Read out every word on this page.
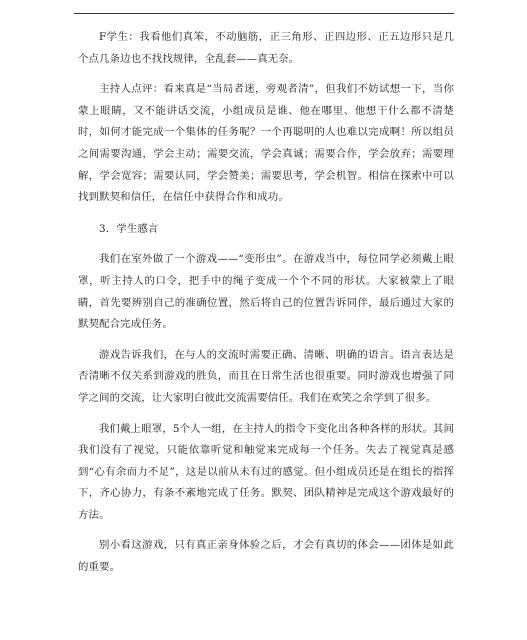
F学生：我看他们真笨，不动脑筋，正三角形、正四边形、正五边形只是几个点几条边也不找找规律，全乱套——真无奈。

主持人点评：看来真是“当局者迷，旁观者清”，但我们不妨试想一下，当你蒙上眼睛，又不能讲话交流，小组成员是谁、他在哪里、他想干什么都不清楚时，如何才能完成一个集体的任务呢？一个再聪明的人也难以完成啊！所以组员之间需要沟通，学会主动；需要交流，学会真诚；需要合作，学会放弃；需要理解，学会宽容；需要认同，学会赞美；需要思考，学会机智。相信在探索中可以找到默契和信任，在信任中获得合作和成功。

3．学生感言

我们在室外做了一个游戏——“变形虫”。在游戏当中，每位同学必须戴上眼罩，听主持人的口令，把手中的绳子变成一个个不同的形状。大家被蒙上了眼睛，首先要辨别自己的准确位置，然后将自己的位置告诉同伴，最后通过大家的默契配合完成任务。

游戏告诉我们，在与人的交流时需要正确、清晰、明确的语言。语言表达是否清晰不仅关系到游戏的胜负，而且在日常生活也很重要。同时游戏也增强了同学之间的交流，让大家明白彼此交流需要信任。我们在欢笑之余学到了很多。

我们戴上眼罩，5个人一组，在主持人的指令下变化出各种各样的形状。其间我们没有了视觉，只能依靠听觉和触觉来完成每一个任务。失去了视觉真是感到“心有余而力不足”，这是以前从未有过的感觉。但小组成员还是在组长的指挥下，齐心协力，有条不紊地完成了任务。默契、团队精神是完成这个游戏最好的方法。

别小看这游戏，只有真正亲身体验之后，才会有真切的体会——团体是如此的重要。
